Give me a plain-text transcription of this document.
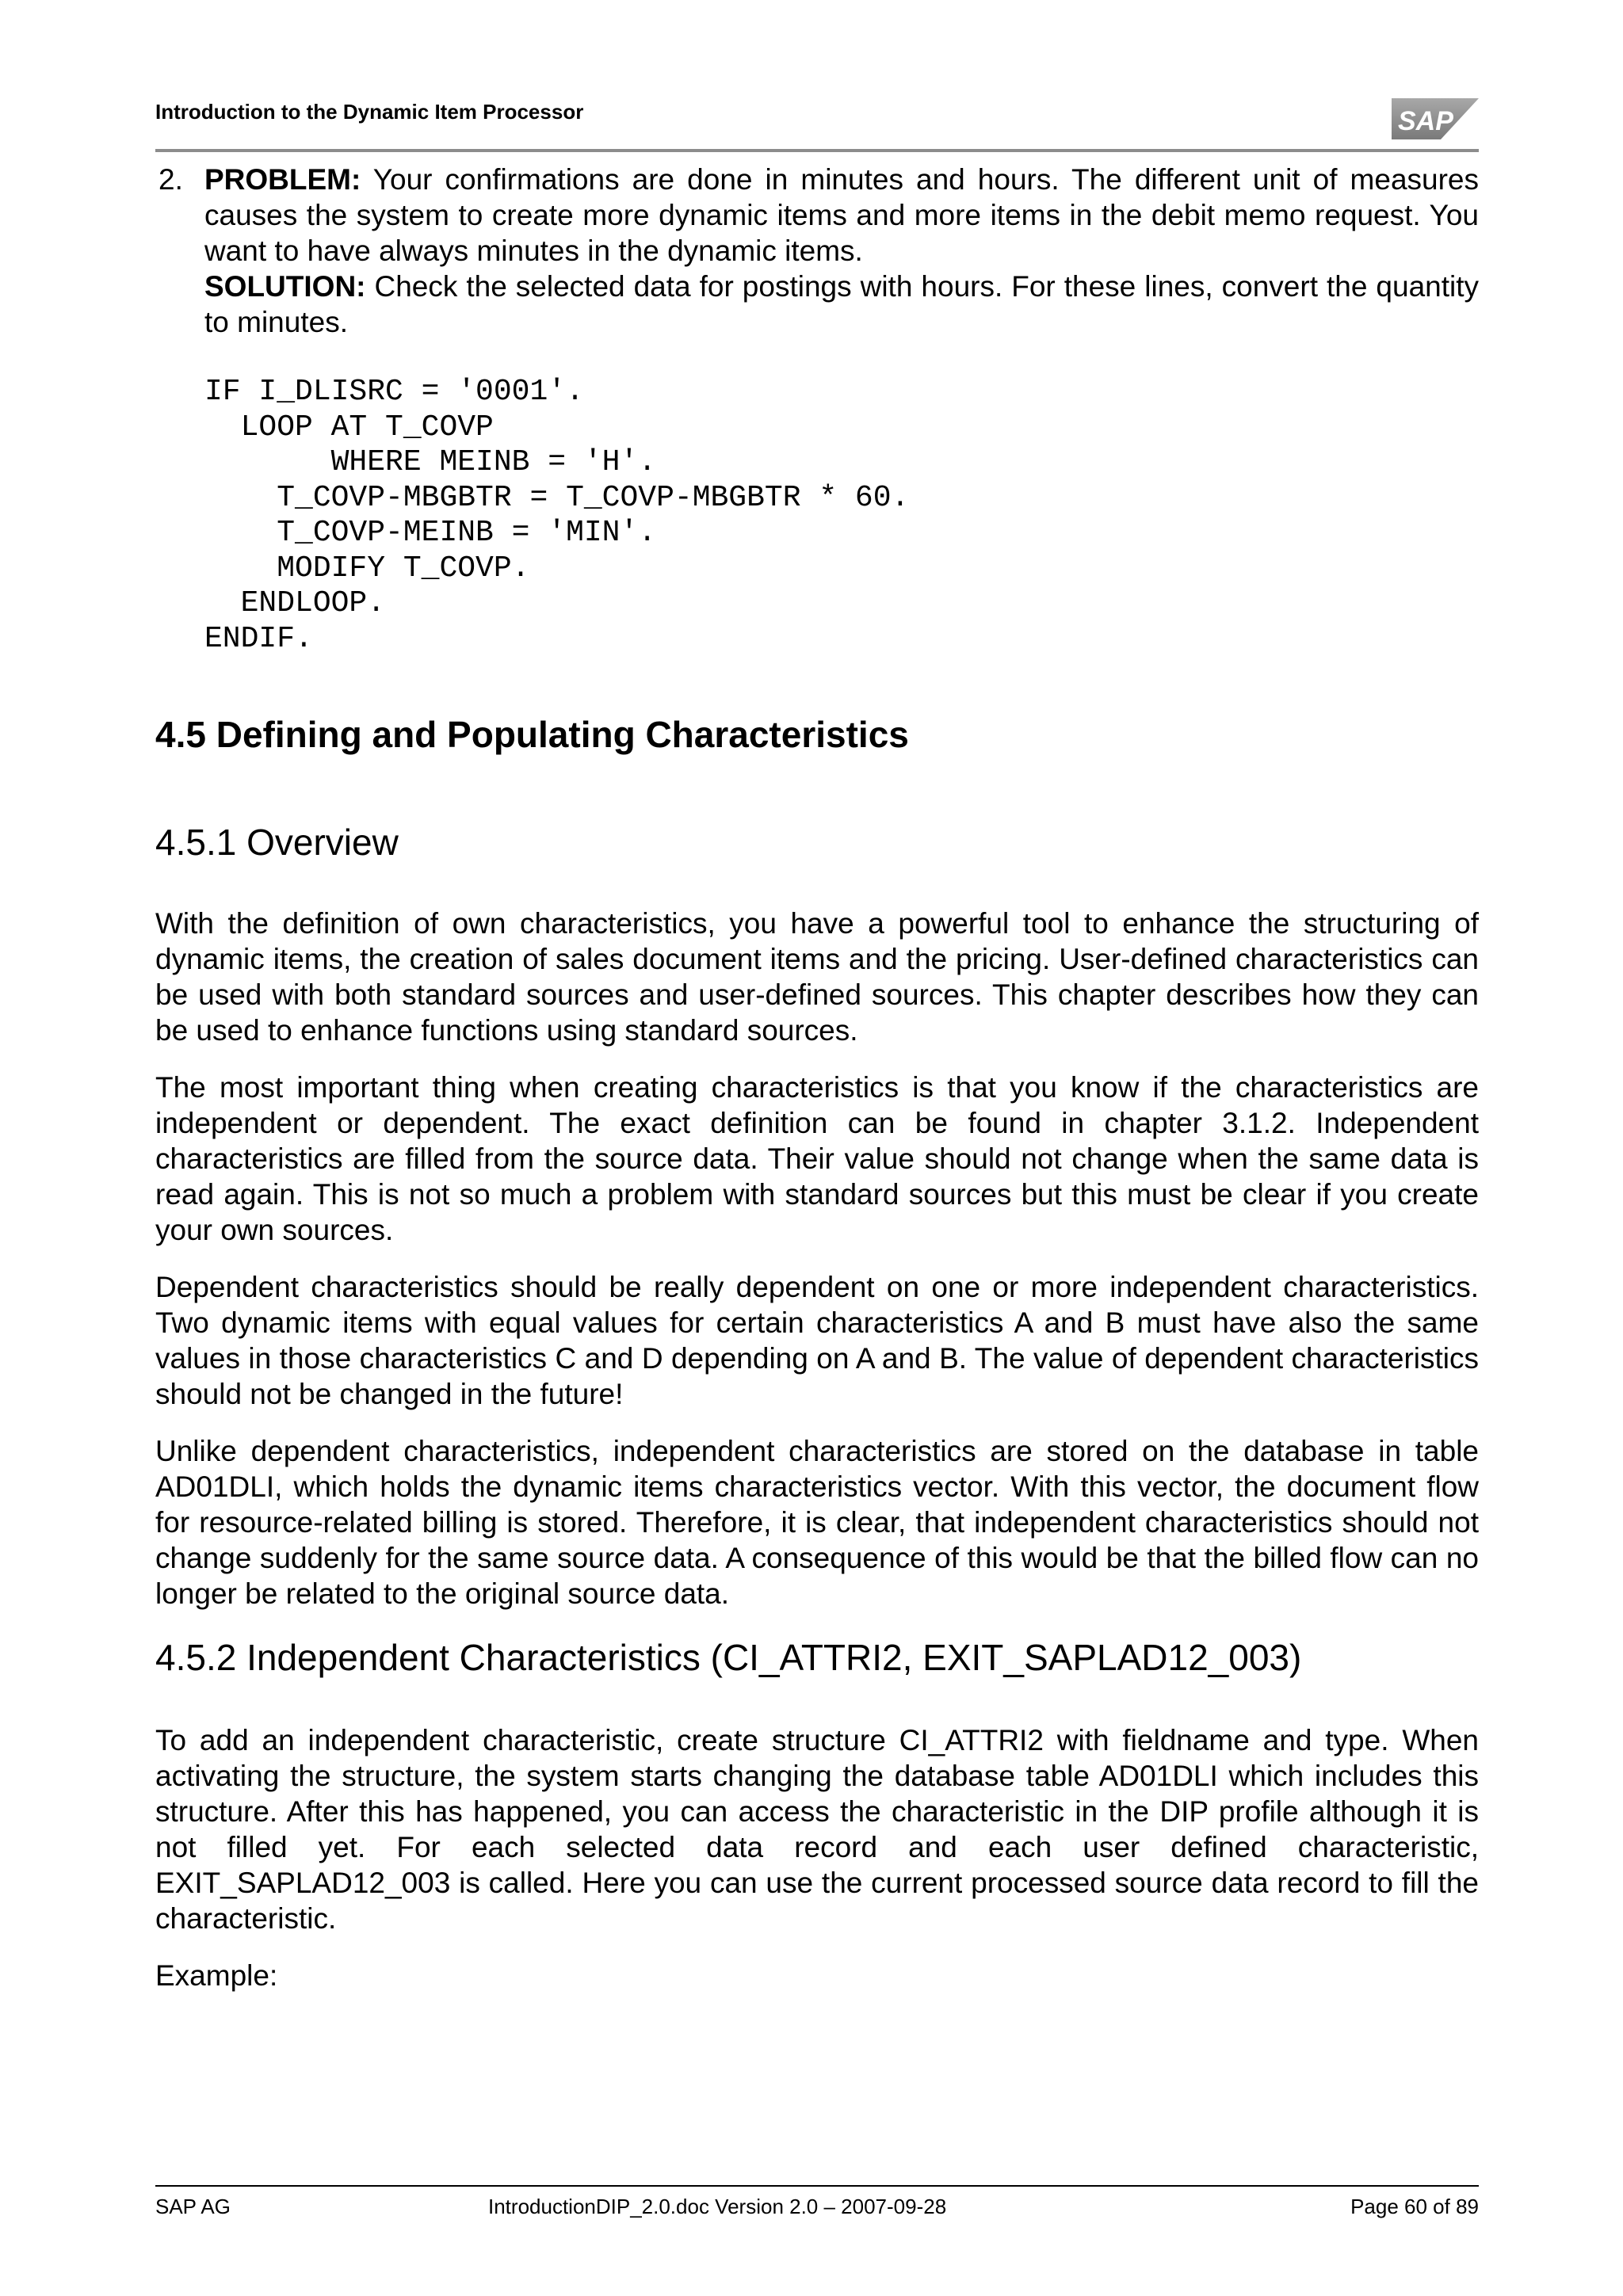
Introduction to the Dynamic Item Processor	SAP
2. PROBLEM: Your confirmations are done in minutes and hours. The different unit of measures causes the system to create more dynamic items and more items in the debit memo request. You want to have always minutes in the dynamic items.

SOLUTION: Check the selected data for postings with hours. For these lines, convert the quantity to minutes.

IF I_DLISRC = '0001'.
LOOP AT T_COVP
WHERE MEINB = 'H'.
T_COVP-MBGBTR = T_COVP-MBGBTR * 60.
T_COVP-MEINB = 'MIN'.
MODIFY T_COVP.
ENDLOOP.
ENDIF.
4.5 Defining and Populating Characteristics
4.5.1 Overview

With the definition of own characteristics, you have a powerful tool to enhance the structuring of dynamic items, the creation of sales document items and the pricing. User-defined characteristics can be used with both standard sources and user-defined sources. This chapter describes how they can be used to enhance functions using standard sources.

The most important thing when creating characteristics is that you know if the characteristics are independent or dependent. The exact definition can be found in chapter 3.1.2. Independent characteristics are filled from the source data. Their value should not change when the same data is read again. This is not so much a problem with standard sources but this must be clear if you create your own sources.

Dependent characteristics should be really dependent on one or more independent characteristics. Two dynamic items with equal values for certain characteristics A and B must have also the same values in those characteristics C and D depending on A and B. The value of dependent characteristics should not be changed in the future!

Unlike dependent characteristics, independent characteristics are stored on the database in table AD01DLI, which holds the dynamic items characteristics vector. With this vector, the document flow for resource-related billing is stored. Therefore, it is clear, that independent characteristics should not change suddenly for the same source data. A consequence of this would be that the billed flow can no longer be related to the original source data.

4.5.2 Independent Characteristics (CI_ATTRI2, EXIT_SAPLAD12_003)

To add an independent characteristic, create structure CI_ATTRI2 with fieldname and type. When activating the structure, the system starts changing the database table AD01DLI which includes this structure. After this has happened, you can access the characteristic in the DIP profile although it is not filled yet. For each selected data record and each user defined characteristic, EXIT_SAPLAD12_003 is called. Here you can use the current processed source data record to fill the characteristic.

Example:

SAP AG	IntroductionDIP_2.0.doc Version 2.0 – 2007-09-28	Page 60 of 89
